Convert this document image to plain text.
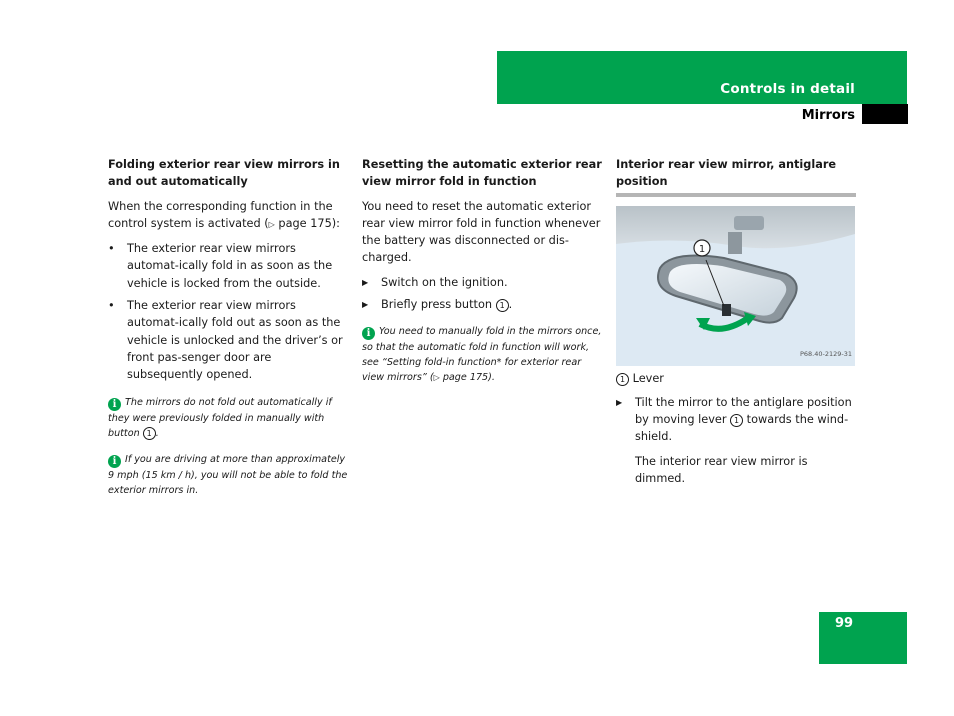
Controls in detail
Mirrors
Folding exterior rear view mirrors in and out automatically

When the corresponding function in the control system is activated (▷ page 175):

• The exterior rear view mirrors automat-ically fold in as soon as the vehicle is locked from the outside.
• The exterior rear view mirrors automat-ically fold out as soon as the vehicle is unlocked and the driver’s or front pas-senger door are subsequently opened.
i The mirrors do not fold out automatically if they were previously folded in manually with button 1 .
i If you are driving at more than approximately 9 mph (15 km / h), you will not be able to fold the exterior mirrors in.
Resetting the automatic exterior rear view mirror fold in function

You need to reset the automatic exterior rear view mirror fold in function whenever the battery was disconnected or dis-charged.

▶ Switch on the ignition.
▶ Briefly press button 1 .
i You need to manually fold in the mirrors once, so that the automatic fold in function will work, see “Setting fold-in function* for exterior rear view mirrors” (▷ page 175).
Interior rear view mirror, antiglare position
1
P68.40-2129-31

1 Lever

▶ Tilt the mirror to the antiglare position by moving lever 1 towards the wind-shield.

The interior rear view mirror is dimmed.

99
